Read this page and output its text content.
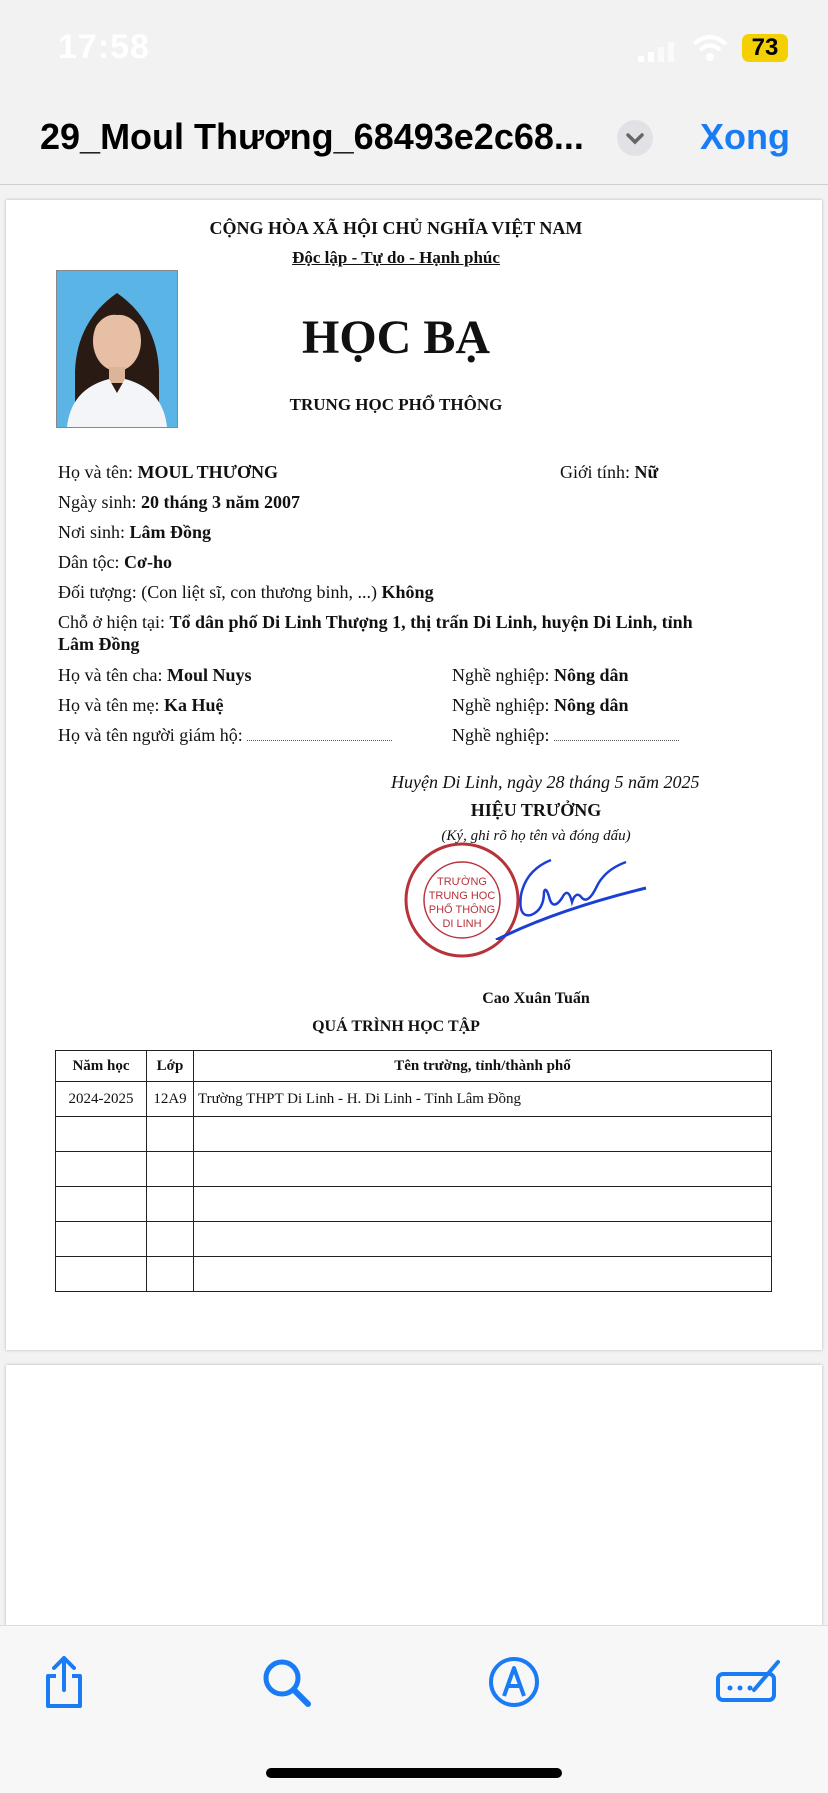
17:58	73
29_Moul Thương_68493e2c68...	Xong
CỘNG HÒA XÃ HỘI CHỦ NGHĨA VIỆT NAM
Độc lập - Tự do - Hạnh phúc
HỌC BẠ
TRUNG HỌC PHỔ THÔNG
Họ và tên: MOUL THƯƠNG	Giới tính: Nữ
Ngày sinh: 20 tháng 3 năm 2007
Nơi sinh: Lâm Đồng
Dân tộc: Cơ-ho
Đối tượng: (Con liệt sĩ, con thương binh, ...) Không
Chỗ ở hiện tại: Tổ dân phố Di Linh Thượng 1, thị trấn Di Linh, huyện Di Linh, tỉnh
Lâm Đồng
Họ và tên cha: Moul Nuys	Nghề nghiệp: Nông dân
Họ và tên mẹ: Ka Huệ	Nghề nghiệp: Nông dân
Họ và tên người giám hộ:	Nghề nghiệp:
Huyện Di Linh, ngày 28 tháng 5 năm 2025
HIỆU TRƯỞNG
(Ký, ghi rõ họ tên và đóng dấu)
TRƯỜNG
TRUNG HỌC
PHỔ THÔNG
DI LINH
Cao Xuân Tuấn
QUÁ TRÌNH HỌC TẬP
Năm học	Lớp	Tên trường, tỉnh/thành phố
2024-2025	12A9	Trường THPT Di Linh - H. Di Linh - Tỉnh Lâm Đồng
